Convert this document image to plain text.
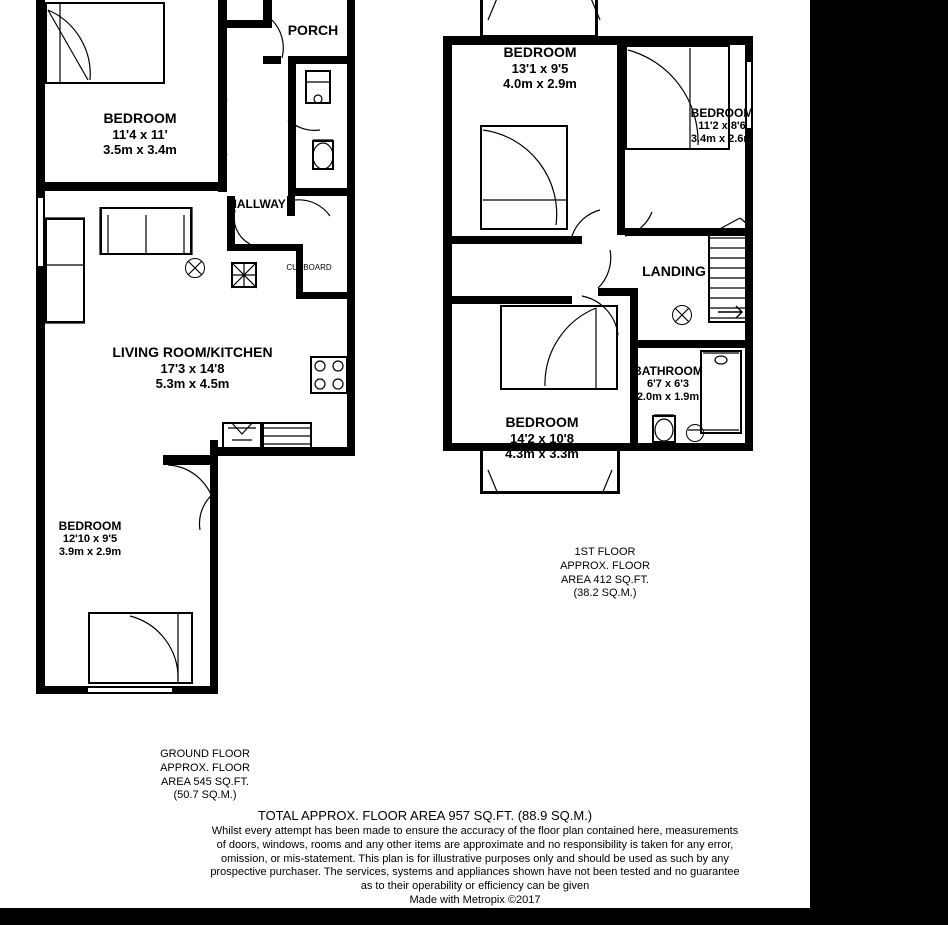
PORCH
BEDROOM
11'4 x 11'
3.5m x 3.4m
HALLWAY
CUPBOARD
LIVING ROOM/KITCHEN
17'3 x 14'8
5.3m x 4.5m
BEDROOM
12'10 x 9'5
3.9m x 2.9m
BEDROOM
13'1 x 9'5
4.0m x 2.9m
BEDROOM
11'2 x 8'6
3.4m x 2.6m
LANDING
BEDROOM
14'2 x 10'8
4.3m x 3.3m
BATHROOM
6'7 x 6'3
2.0m x 1.9m
1ST FLOOR
APPROX. FLOOR
AREA 412 SQ.FT.
(38.2 SQ.M.)
GROUND FLOOR
APPROX. FLOOR
AREA 545 SQ.FT.
(50.7 SQ.M.)
TOTAL APPROX. FLOOR AREA 957 SQ.FT. (88.9 SQ.M.)
Whilst every attempt has been made to ensure the accuracy of the floor plan contained here, measurements
of doors, windows, rooms and any other items are approximate and no responsibility is taken for any error,
omission, or mis-statement. This plan is for illustrative purposes only and should be used as such by any
prospective purchaser. The services, systems and appliances shown have not been tested and no guarantee
as to their operability or efficiency can be given
Made with Metropix ©2017
